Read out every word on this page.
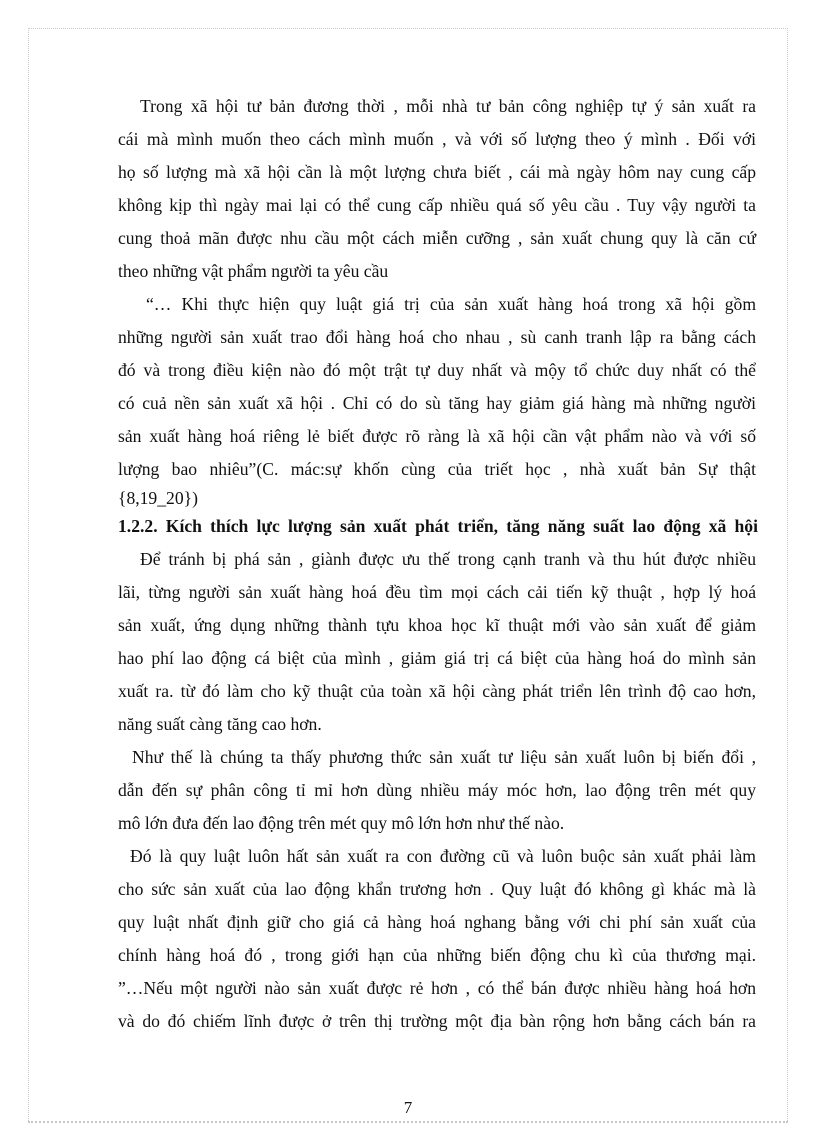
Trong xã hội tư bản đương thời , mỗi nhà tư bản công nghiệp tự ý sản xuất ra
cái mà mình muốn theo cách mình muốn , và với số lượng theo ý mình . Đối với
họ số lượng mà xã hội cần là một lượng chưa biết , cái mà ngày hôm nay cung cấp
không kịp thì ngày mai lại có thể cung cấp nhiều quá số yêu cầu . Tuy vậy người ta
cung thoả mãn được nhu cầu một cách miễn cưỡng , sản xuất chung quy là căn cứ
theo những vật phẩm người ta yêu cầu
“… Khi thực hiện quy luật giá trị của sản xuất hàng hoá trong xã hội gồm
những người sản xuất trao đổi hàng hoá cho nhau , sù canh tranh lập ra bằng cách
đó và trong điều kiện nào đó một trật tự duy nhất và mộy tổ chức duy nhất có thể
có cuả nền sản xuất xã hội . Chỉ có do sù tăng hay giảm giá hàng mà những người
sản xuất hàng hoá riêng lẻ biết được rõ ràng là xã hội cần vật phẩm nào và với số
lượng bao nhiêu”(C. mác:sự khốn cùng của triết học , nhà xuất bản Sự thật
{8,19_20})
1.2.2. Kích thích lực lượng sản xuất phát triển, tăng năng suất lao động xã hội
Để tránh bị phá sản , giành được ưu thế trong cạnh tranh và thu hút được nhiều
lãi, từng người sản xuất hàng hoá đều tìm mọi cách cải tiến kỹ thuật , hợp lý hoá
sản xuất, ứng dụng những thành tựu khoa học kĩ thuật mới vào sản xuất để giảm
hao phí lao động cá biệt của mình , giảm giá trị cá biệt của hàng hoá do mình sản
xuất ra. từ đó làm cho kỹ thuật của toàn xã hội càng phát triển lên trình độ cao hơn,
năng suất càng tăng cao hơn.
Như thế là chúng ta thấy phương thức sản xuất tư liệu sản xuất luôn bị biến đổi ,
dẫn đến sự phân công tỉ mỉ hơn dùng nhiều máy móc hơn, lao động trên mét quy
mô lớn đưa đến lao động trên mét quy mô lớn hơn như thế nào.
Đó là quy luật luôn hất sản xuất ra con đường cũ và luôn buộc sản xuất phải làm
cho sức sản xuất của lao động khẩn trương hơn . Quy luật đó không gì khác mà là
quy luật nhất định giữ cho giá cả hàng hoá nghang bằng với chi phí sản xuất của
chính hàng hoá đó , trong giới hạn của những biến động chu kì của thương mại.
”…Nếu một người nào sản xuất được rẻ hơn , có thể bán được nhiều hàng hoá hơn
và do đó chiếm lĩnh được ở trên thị trường một địa bàn rộng hơn bằng cách bán ra
7
